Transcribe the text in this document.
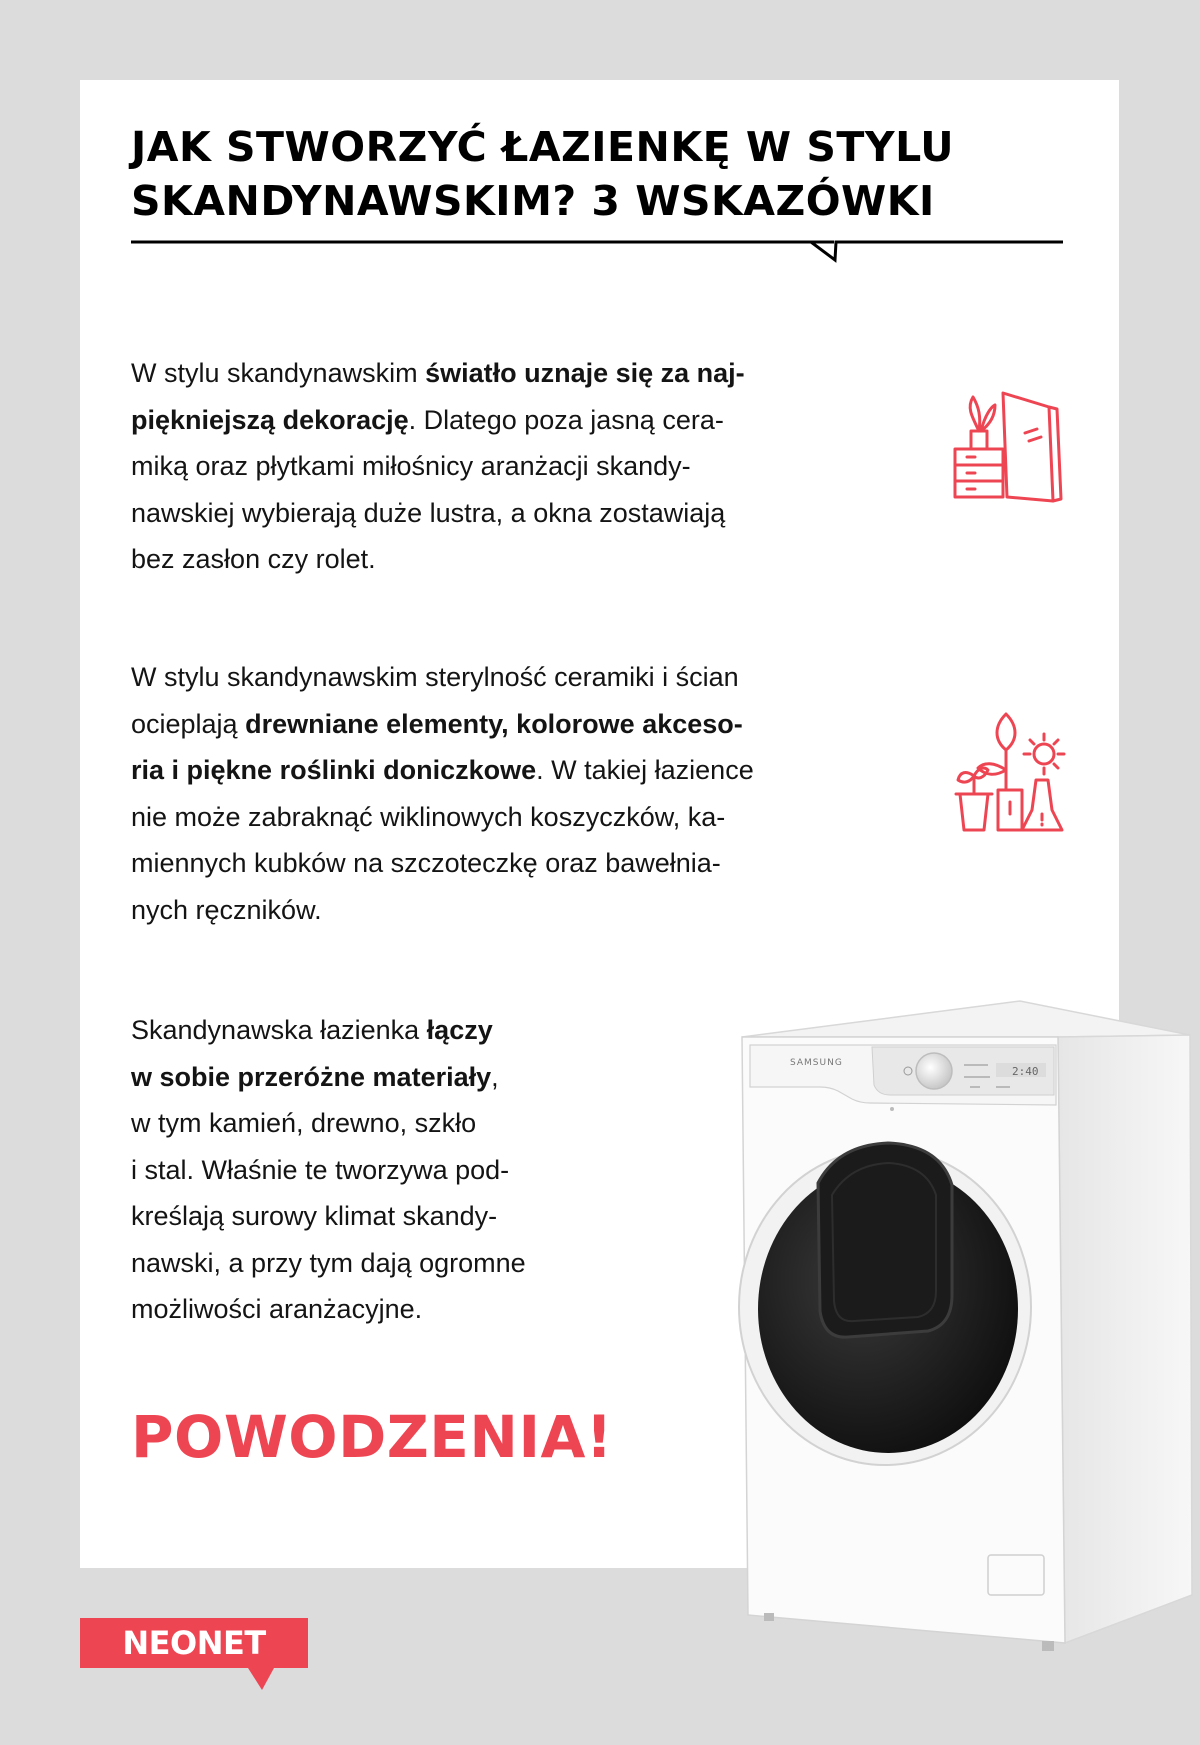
JAK STWORZYĆ ŁAZIENKĘ W STYLU
SKANDYNAWSKIM? 3 WSKAZÓWKI

W stylu skandynawskim światło uznaje się za naj-
piękniejszą dekorację. Dlatego poza jasną cera-
miką oraz płytkami miłośnicy aranżacji skandy-
nawskiej wybierają duże lustra, a okna zostawiają
bez zasłon czy rolet.

W stylu skandynawskim sterylność ceramiki i ścian
ocieplają drewniane elementy, kolorowe akceso-
ria i piękne roślinki doniczkowe. W takiej łazience
nie może zabraknąć wiklinowych koszyczków, ka-
miennych kubków na szczoteczkę oraz bawełnia-
nych ręczników.

Skandynawska łazienka łączy
w sobie przeróżne materiały,
w tym kamień, drewno, szkło
i stal. Właśnie te tworzywa pod-
kreślają surowy klimat skandy-
nawski, a przy tym dają ogromne
możliwości aranżacyjne.

POWODZENIA!
2:40
SAMSUNG
NEONET
